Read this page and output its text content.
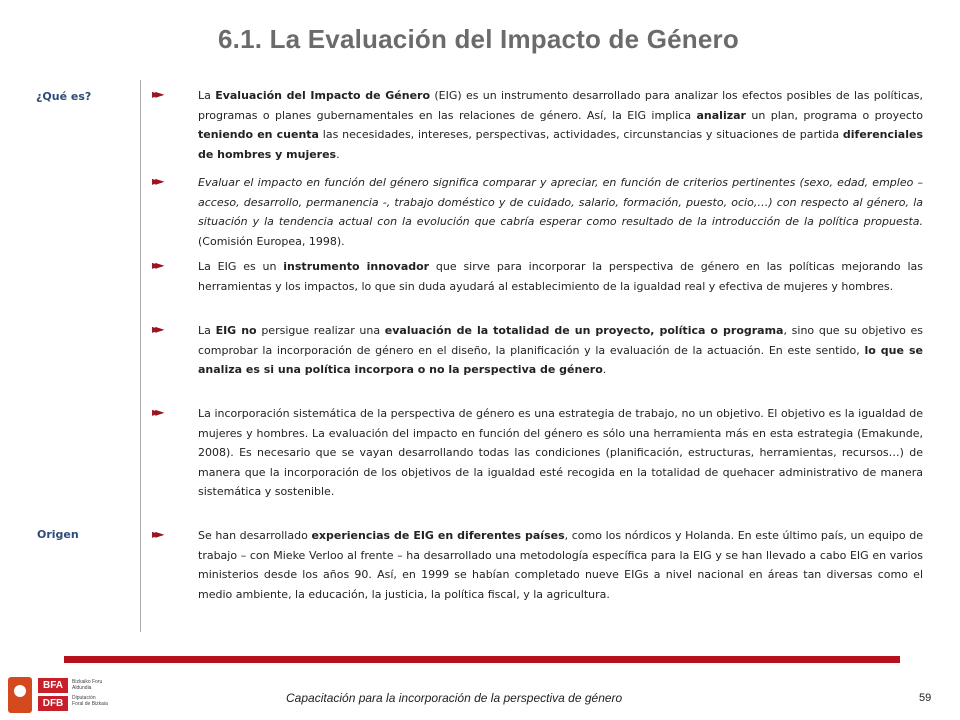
6.1. La Evaluación del Impacto de Género
¿Qué es?
Origen
►►	La Evaluación del Impacto de Género (EIG) es un instrumento desarrollado para analizar los efectos posibles de las políticas, programas o planes gubernamentales en las relaciones de género. Así, la EIG implica analizar un plan, programa o proyecto teniendo en cuenta las necesidades, intereses, perspectivas, actividades, circunstancias y situaciones de partida diferenciales de hombres y mujeres.

►►	Evaluar el impacto en función del género significa comparar y apreciar, en función de criterios pertinentes (sexo, edad, empleo – acceso, desarrollo, permanencia -, trabajo doméstico y de cuidado, salario, formación, puesto, ocio,…) con respecto al género, la situación y la tendencia actual con la evolución que cabría esperar como resultado de la introducción de la política propuesta. (Comisión Europea, 1998).

►►	La EIG es un instrumento innovador que sirve para incorporar la perspectiva de género en las políticas mejorando las herramientas y los impactos, lo que sin duda ayudará al establecimiento de la igualdad real y efectiva de mujeres y hombres.

►►	La EIG no persigue realizar una evaluación de la totalidad de un proyecto, política o programa, sino que su objetivo es comprobar la incorporación de género en el diseño, la planificación y la evaluación de la actuación. En este sentido, lo que se analiza es si una política incorpora o no la perspectiva de género.

►►	La incorporación sistemática de la perspectiva de género es una estrategia de trabajo, no un objetivo. El objetivo es la igualdad de mujeres y hombres. La evaluación del impacto en función del género es sólo una herramienta más en esta estrategia (Emakunde, 2008). Es necesario que se vayan desarrollando todas las condiciones (planificación, estructuras, herramientas, recursos…) de manera que la incorporación de los objetivos de la igualdad esté recogida en la totalidad de quehacer administrativo de manera sistemática y sostenible.

►►	Se han desarrollado experiencias de EIG en diferentes países, como los nórdicos y Holanda. En este último país, un equipo de trabajo – con Mieke Verloo al frente – ha desarrollado una metodología específica para la EIG y se han llevado a cabo EIG en varios ministerios desde los años 90. Así, en 1999 se habían completado nueve EIGs a nivel nacional en áreas tan diversas como el medio ambiente, la educación, la justicia, la política fiscal, y la agricultura.

BFA
DFB
Bizkaiko Foru
Aldundia
Diputación
Foral de Bizkaia	Capacitación para la incorporación de la perspectiva de género	59
